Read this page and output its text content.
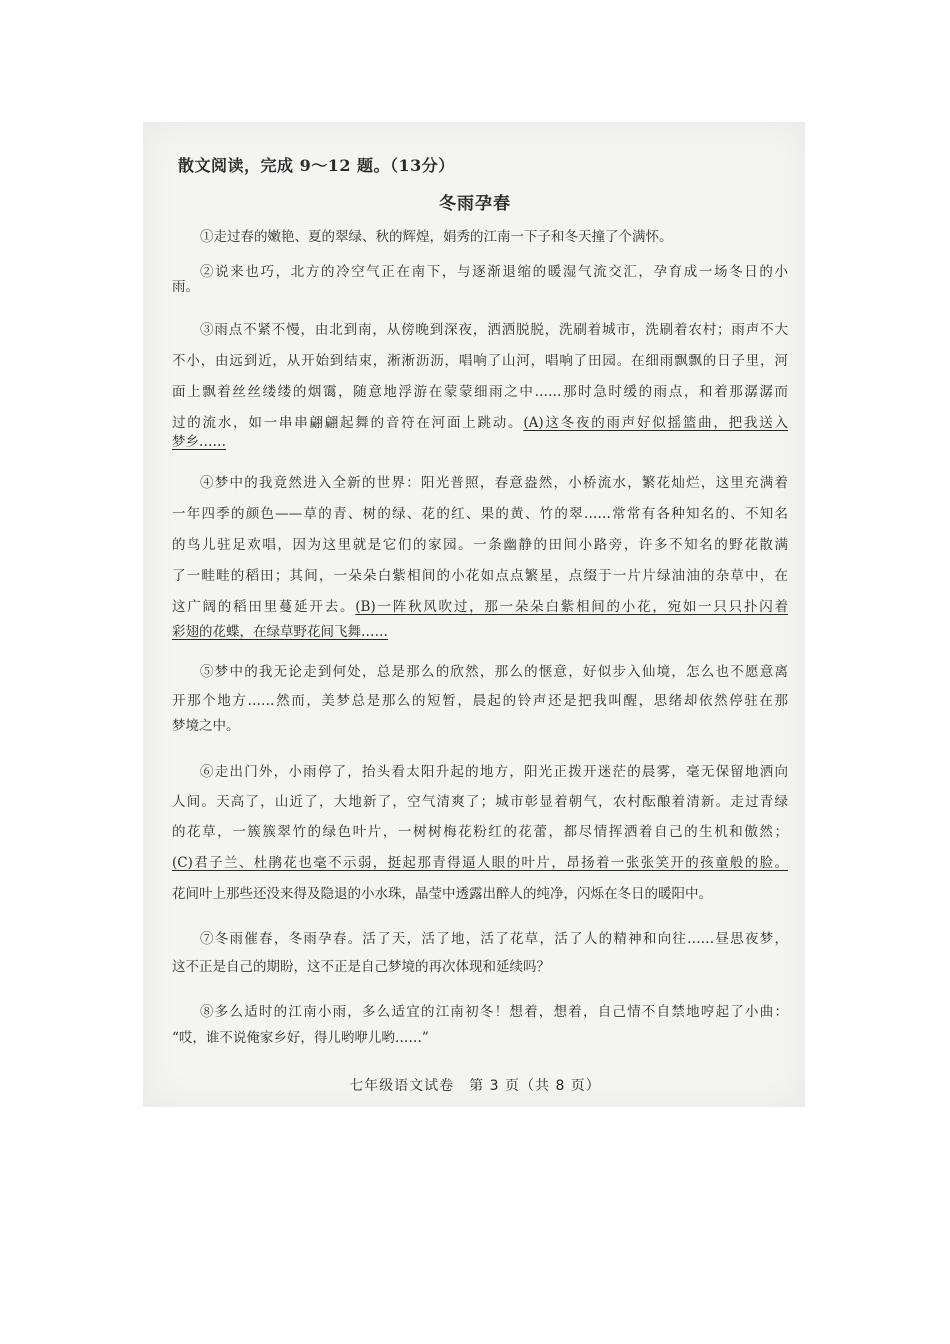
散文阅读，完成 9～12 题。（13分）
冬雨孕春
①走过春的嫩艳、夏的翠绿、秋的辉煌，娟秀的江南一下子和冬天撞了个满怀。
②说来也巧，北方的冷空气正在南下，与逐渐退缩的暖湿气流交汇，孕育成一场冬日的小
雨。
③雨点不紧不慢，由北到南，从傍晚到深夜，洒洒脱脱，洗刷着城市，洗刷着农村；雨声不大
不小，由远到近，从开始到结束，淅淅沥沥，唱响了山河，唱响了田园。在细雨飘飘的日子里，河
面上飘着丝丝缕缕的烟霭，随意地浮游在蒙蒙细雨之中……那时急时缓的雨点，和着那潺潺而
过的流水，如一串串翩翩起舞的音符在河面上跳动。(A)这冬夜的雨声好似摇篮曲，把我送入
梦乡……
④梦中的我竟然进入全新的世界：阳光普照，春意盎然，小桥流水，繁花灿烂，这里充满着
一年四季的颜色——草的青、树的绿、花的红、果的黄、竹的翠……常常有各种知名的、不知名
的鸟儿驻足欢唱，因为这里就是它们的家园。一条幽静的田间小路旁，许多不知名的野花散满
了一畦畦的稻田；其间，一朵朵白紫相间的小花如点点繁星，点缀于一片片绿油油的杂草中，在
这广阔的稻田里蔓延开去。(B)一阵秋风吹过，那一朵朵白紫相间的小花，宛如一只只扑闪着
彩翅的花蝶，在绿草野花间飞舞……
⑤梦中的我无论走到何处，总是那么的欣然，那么的惬意，好似步入仙境，怎么也不愿意离
开那个地方……然而，美梦总是那么的短暂，晨起的铃声还是把我叫醒，思绪却依然停驻在那
梦境之中。
⑥走出门外，小雨停了，抬头看太阳升起的地方，阳光正拨开迷茫的晨雾，毫无保留地洒向
人间。天高了，山近了，大地新了，空气清爽了；城市彰显着朝气，农村酝酿着清新。走过青绿
的花草，一簇簇翠竹的绿色叶片，一树树梅花粉红的花蕾，都尽情挥洒着自己的生机和傲然；
(C)君子兰、杜鹃花也毫不示弱，挺起那青得逼人眼的叶片，昂扬着一张张笑开的孩童般的脸。
花间叶上那些还没来得及隐退的小水珠，晶莹中透露出醉人的纯净，闪烁在冬日的暖阳中。
⑦冬雨催春，冬雨孕春。活了天，活了地，活了花草，活了人的精神和向往……昼思夜梦，
这不正是自己的期盼，这不正是自己梦境的再次体现和延续吗？
⑧多么适时的江南小雨，多么适宜的江南初冬！想着，想着，自己情不自禁地哼起了小曲：
“哎，谁不说俺家乡好，得儿哟咿儿哟……”
七年级语文试卷　第 3 页（共 8 页）
